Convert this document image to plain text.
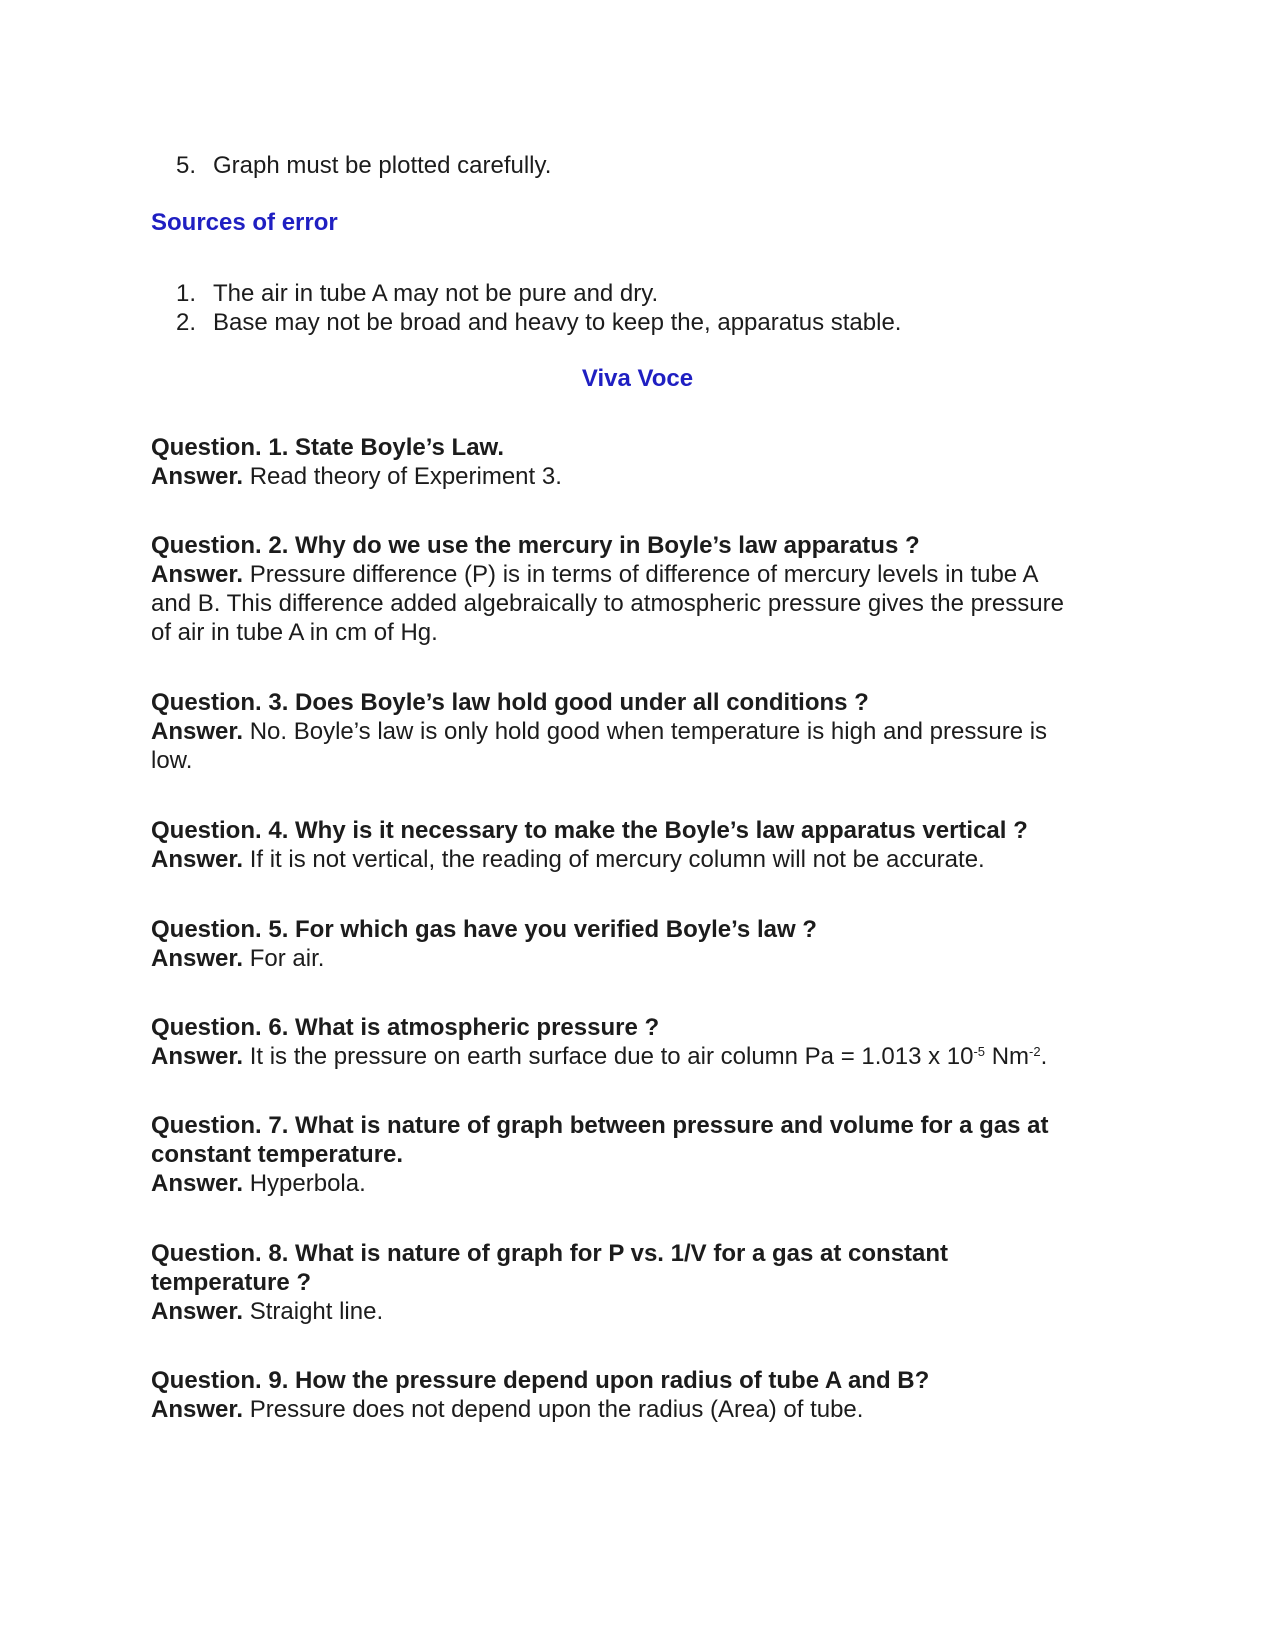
5. Graph must be plotted carefully.
Sources of error
1. The air in tube A may not be pure and dry.
2. Base may not be broad and heavy to keep the, apparatus stable.
Viva Voce
Question. 1. State Boyle’s Law.
Answer. Read theory of Experiment 3.
Question. 2. Why do we use the mercury in Boyle’s law apparatus ?
Answer. Pressure difference (P) is in terms of difference of mercury levels in tube A
and B. This difference added algebraically to atmospheric pressure gives the pressure
of air in tube A in cm of Hg.
Question. 3. Does Boyle’s law hold good under all conditions ?
Answer. No. Boyle’s law is only hold good when temperature is high and pressure is
low.
Question. 4. Why is it necessary to make the Boyle’s law apparatus vertical ?
Answer. If it is not vertical, the reading of mercury column will not be accurate.
Question. 5. For which gas have you verified Boyle’s law ?
Answer. For air.
Question. 6. What is atmospheric pressure ?
Answer. It is the pressure on earth surface due to air column Pa = 1.013 x $10^{-5}$ $Nm^{-2}$.
Question. 7. What is nature of graph between pressure and volume for a gas at
constant temperature.
Answer. Hyperbola.
Question. 8. What is nature of graph for P vs. 1/V for a gas at constant
temperature ?
Answer. Straight line.
Question. 9. How the pressure depend upon radius of tube A and B?
Answer. Pressure does not depend upon the radius (Area) of tube.
